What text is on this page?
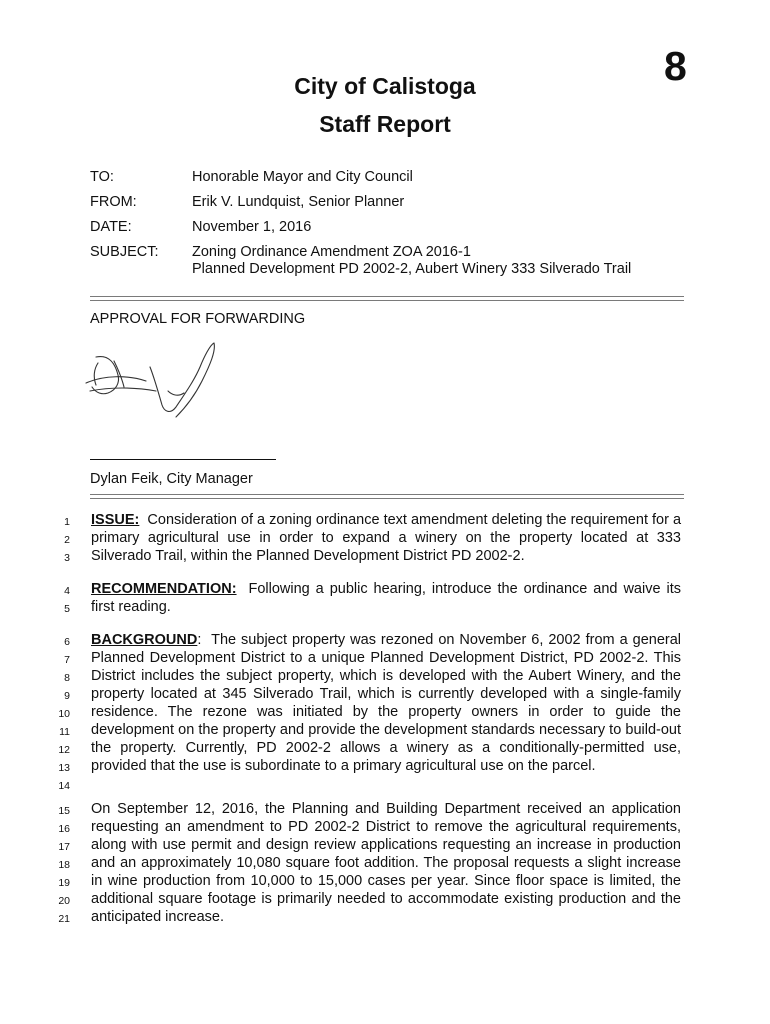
8
City of Calistoga
Staff Report
TO:	Honorable Mayor and City Council
FROM:	Erik V. Lundquist, Senior Planner
DATE:	November 1, 2016
SUBJECT: Zoning Ordinance Amendment ZOA 2016-1
Planned Development PD 2002-2, Aubert Winery 333 Silverado Trail
APPROVAL FOR FORWARDING
Dylan Feik, City Manager
1
2
3
ISSUE: Consideration of a zoning ordinance text amendment deleting the requirement for a primary agricultural use in order to expand a winery on the property located at 333 Silverado Trail, within the Planned Development District PD 2002-2.
4
5
RECOMMENDATION: Following a public hearing, introduce the ordinance and waive its first reading.
6
7
8
9
10
11
12
13
14
BACKGROUND: The subject property was rezoned on November 6, 2002 from a general Planned Development District to a unique Planned Development District, PD 2002-2. This District includes the subject property, which is developed with the Aubert Winery, and the property located at 345 Silverado Trail, which is currently developed with a single-family residence. The rezone was initiated by the property owners in order to guide the development on the property and provide the development standards necessary to build-out the property. Currently, PD 2002-2 allows a winery as a conditionally-permitted use, provided that the use is subordinate to a primary agricultural use on the parcel.
15
16
17
18
19
20
21
On September 12, 2016, the Planning and Building Department received an application requesting an amendment to PD 2002-2 District to remove the agricultural requirements, along with use permit and design review applications requesting an increase in production and an approximately 10,080 square foot addition. The proposal requests a slight increase in wine production from 10,000 to 15,000 cases per year. Since floor space is limited, the additional square footage is primarily needed to accommodate existing production and the anticipated increase.
